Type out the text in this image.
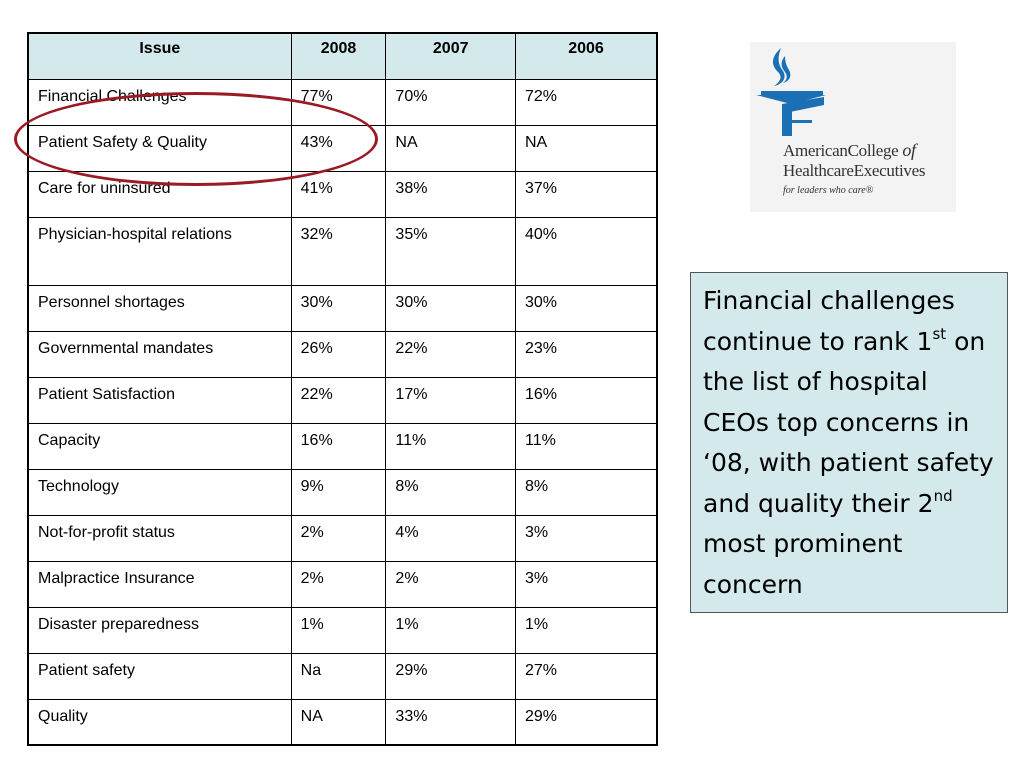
Issue	2008	2007	2006
Financial Challenges	77%	70%	72%
Patient Safety & Quality	43%	NA	NA
Care for uninsured	41%	38%	37%
Physician-hospital relations	32%	35%	40%
Personnel shortages	30%	30%	30%
Governmental mandates	26%	22%	23%
Patient Satisfaction	22%	17%	16%
Capacity	16%	11%	11%
Technology	9%	8%	8%
Not-for-profit status	2%	4%	3%
Malpractice Insurance	2%	2%	3%
Disaster preparedness	1%	1%	1%
Patient safety	Na	29%	27%
Quality	NA	33%	29%
AmericanCollege of
HealthcareExecutives
for leaders who care®
Financial challenges continue to rank 1st on the list of hospital CEOs top concerns in ‘08, with patient safety and quality their 2nd most prominent concern
